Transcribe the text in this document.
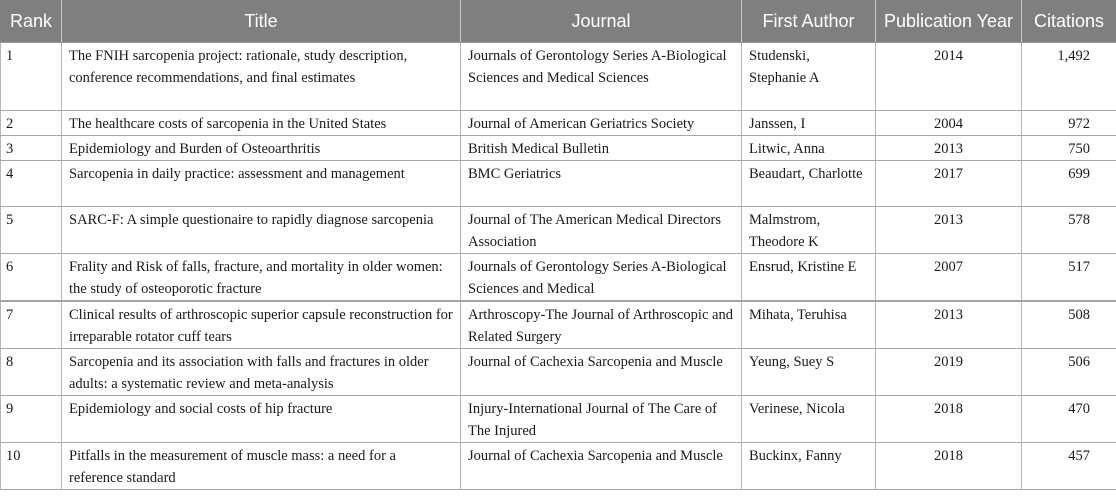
Rank	Title	Journal	First Author	Publication Year	Citations
1	The FNIH sarcopenia project: rationale, study description, conference recommendations, and final estimates	Journals of Gerontology Series A-Biological Sciences and Medical Sciences	Studenski, Stephanie A	2014	1,492
2	The healthcare costs of sarcopenia in the United States	Journal of American Geriatrics Society	Janssen, I	2004	972
3	Epidemiology and Burden of Osteoarthritis	British Medical Bulletin	Litwic, Anna	2013	750
4	Sarcopenia in daily practice: assessment and management	BMC Geriatrics	Beaudart, Charlotte	2017	699
5	SARC-F: A simple questionaire to rapidly diagnose sarcopenia	Journal of The American Medical Directors Association	Malmstrom, Theodore K	2013	578
6	Frality and Risk of falls, fracture, and mortality in older women: the study of osteoporotic fracture	Journals of Gerontology Series A-Biological Sciences and Medical	Ensrud, Kristine E	2007	517
7	Clinical results of arthroscopic superior capsule reconstruction for irreparable rotator cuff tears	Arthroscopy-The Journal of Arthroscopic and Related Surgery	Mihata, Teruhisa	2013	508
8	Sarcopenia and its association with falls and fractures in older adults: a systematic review and meta-analysis	Journal of Cachexia Sarcopenia and Muscle	Yeung, Suey S	2019	506
9	Epidemiology and social costs of hip fracture	Injury-International Journal of The Care of The Injured	Verinese, Nicola	2018	470
10	Pitfalls in the measurement of muscle mass: a need for a reference standard	Journal of Cachexia Sarcopenia and Muscle	Buckinx, Fanny	2018	457
